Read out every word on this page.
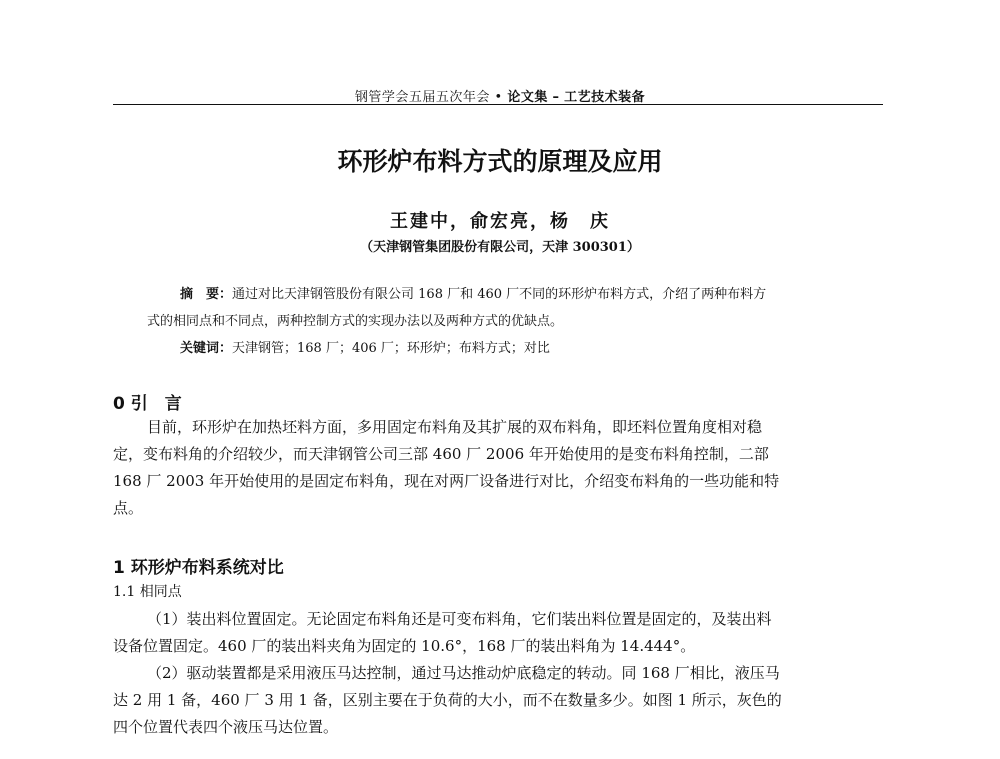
钢管学会五届五次年会 • 论文集 – 工艺技术装备
环形炉布料方式的原理及应用
王建中，俞宏亮，杨　庆
（天津钢管集团股份有限公司，天津 300301）
摘　要：通过对比天津钢管股份有限公司 168 厂和 460 厂不同的环形炉布料方式，介绍了两种布料方
式的相同点和不同点，两种控制方式的实现办法以及两种方式的优缺点。
关键词：天津钢管；168 厂；406 厂；环形炉；布料方式；对比
0 引　言
目前，环形炉在加热坯料方面，多用固定布料角及其扩展的双布料角，即坯料位置角度相对稳
定，变布料角的介绍较少，而天津钢管公司三部 460 厂 2006 年开始使用的是变布料角控制，二部
168 厂 2003 年开始使用的是固定布料角，现在对两厂设备进行对比，介绍变布料角的一些功能和特
点。
1 环形炉布料系统对比
1.1 相同点
（1）装出料位置固定。无论固定布料角还是可变布料角，它们装出料位置是固定的，及装出料
设备位置固定。460 厂的装出料夹角为固定的 10.6°，168 厂的装出料角为 14.444°。
（2）驱动装置都是采用液压马达控制，通过马达推动炉底稳定的转动。同 168 厂相比，液压马
达 2 用 1 备，460 厂 3 用 1 备，区别主要在于负荷的大小，而不在数量多少。如图 1 所示，灰色的
四个位置代表四个液压马达位置。
